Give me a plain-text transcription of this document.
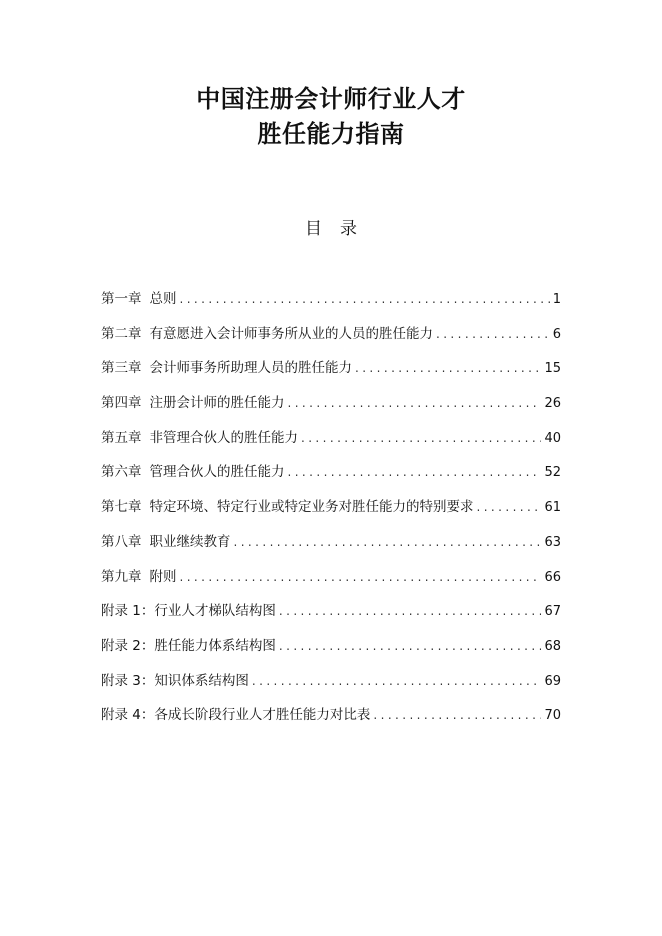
中国注册会计师行业人才
胜任能力指南
目录
第一章 总则 .....	1
第二章 有意愿进入会计师事务所从业的人员的胜任能力 .....	6
第三章 会计师事务所助理人员的胜任能力 .....	15
第四章 注册会计师的胜任能力 .....	26
第五章 非管理合伙人的胜任能力 .....	40
第六章 管理合伙人的胜任能力 .....	52
第七章 特定环境、特定行业或特定业务对胜任能力的特别要求 .....	61
第八章 职业继续教育 .....	63
第九章 附则 .....	66
附录 1：行业人才梯队结构图 .....	67
附录 2：胜任能力体系结构图 .....	68
附录 3：知识体系结构图 .....	69
附录 4：各成长阶段行业人才胜任能力对比表 .....	70
